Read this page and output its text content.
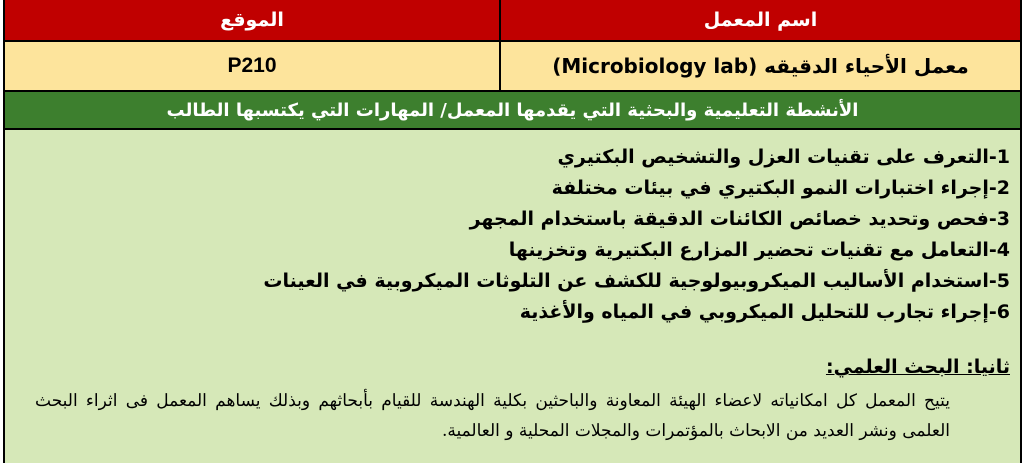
الموقع	اسم المعمل
P210	معمل الأحياء الدقيقه (Microbiology lab)
الأنشطة التعليمية والبحثية التي يقدمها المعمل/ المهارات التي يكتسبها الطالب
1-التعرف على تقنيات العزل والتشخيص البكتيري
2-إجراء اختبارات النمو البكتيري في بيئات مختلفة
3-فحص وتحديد خصائص الكائنات الدقيقة باستخدام المجهر
4-التعامل مع تقنيات تحضير المزارع البكتيرية وتخزينها
5-استخدام الأساليب الميكروبيولوجية للكشف عن التلوثات الميكروبية في العينات
6-إجراء تجارب للتحليل الميكروبي في المياه والأغذية
ثانيا: البحث العلمي:
يتيح المعمل كل امكانياته لاعضاء الهيئة المعاونة والباحثين بكلية الهندسة للقيام بأبحاثهم وبذلك يساهم المعمل فى اثراء البحث العلمى ونشر العديد من الابحاث بالمؤتمرات والمجلات المحلية و العالمية.
